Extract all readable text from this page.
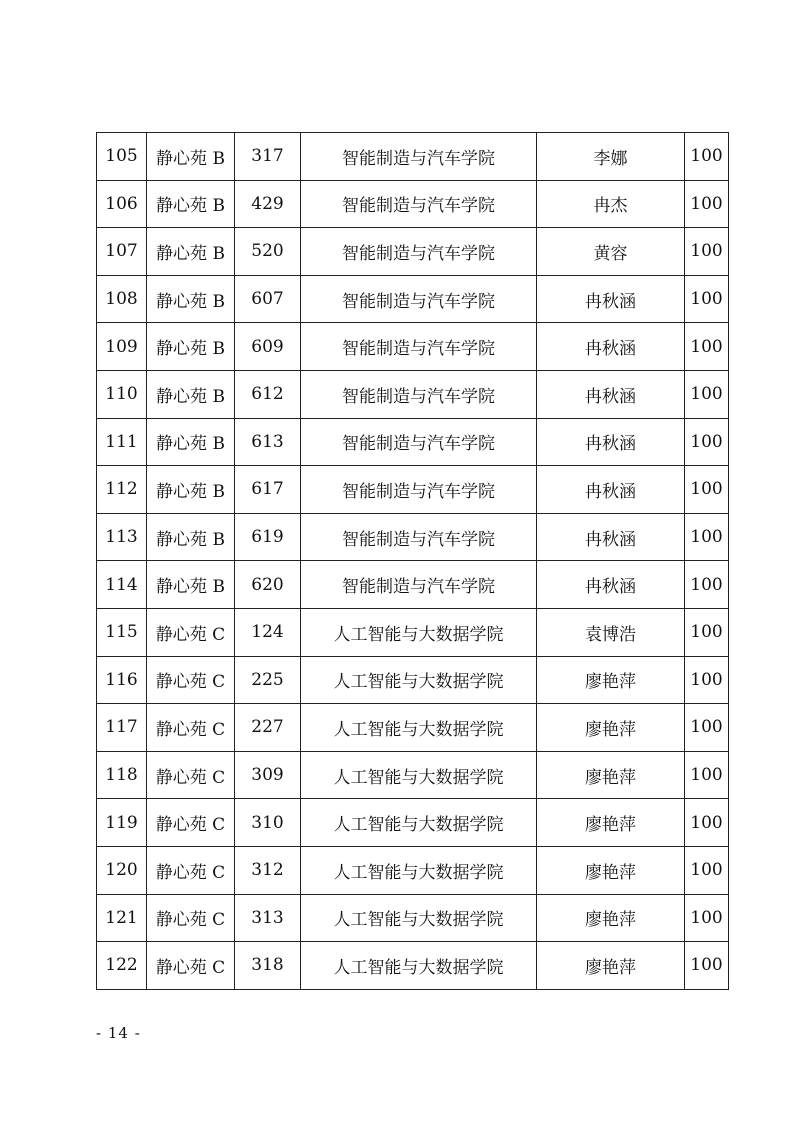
105	静心苑 B	317	智能制造与汽车学院	李娜	100
106	静心苑 B	429	智能制造与汽车学院	冉杰	100
107	静心苑 B	520	智能制造与汽车学院	黄容	100
108	静心苑 B	607	智能制造与汽车学院	冉秋涵	100
109	静心苑 B	609	智能制造与汽车学院	冉秋涵	100
110	静心苑 B	612	智能制造与汽车学院	冉秋涵	100
111	静心苑 B	613	智能制造与汽车学院	冉秋涵	100
112	静心苑 B	617	智能制造与汽车学院	冉秋涵	100
113	静心苑 B	619	智能制造与汽车学院	冉秋涵	100
114	静心苑 B	620	智能制造与汽车学院	冉秋涵	100
115	静心苑 C	124	人工智能与大数据学院	袁博浩	100
116	静心苑 C	225	人工智能与大数据学院	廖艳萍	100
117	静心苑 C	227	人工智能与大数据学院	廖艳萍	100
118	静心苑 C	309	人工智能与大数据学院	廖艳萍	100
119	静心苑 C	310	人工智能与大数据学院	廖艳萍	100
120	静心苑 C	312	人工智能与大数据学院	廖艳萍	100
121	静心苑 C	313	人工智能与大数据学院	廖艳萍	100
122	静心苑 C	318	人工智能与大数据学院	廖艳萍	100
- 14 -
